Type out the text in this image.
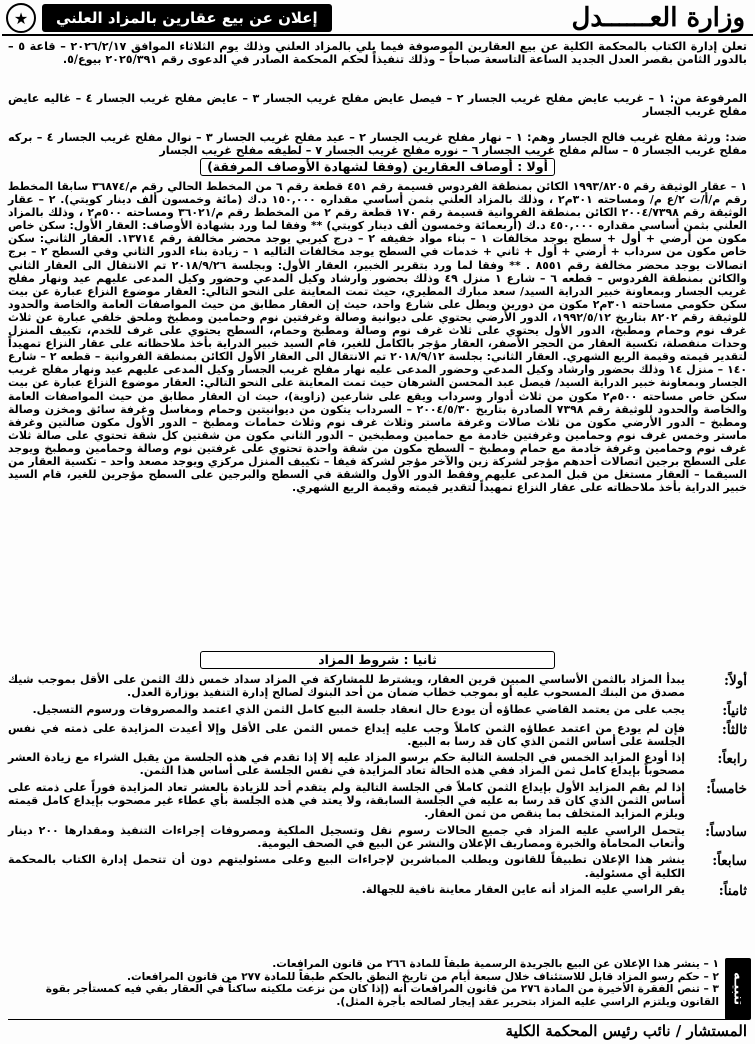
وزارة العــــــدل
إعلان عن بيع عقارين بالمزاد العلني
★
تعلن إدارة الكتاب بالمحكمة الكلية عن بيع العقارين الموصوفة فيما يلي بالمزاد العلني وذلك يوم الثلاثاء الموافق ٢٠٢٦/٢/١٧ – قاعة ٥ – بالدور الثامن بقصر العدل الجديد الساعة التاسعة صباحاً – وذلك تنفيذاً لحكم المحكمة الصادر في الدعوى رقم ٢٠٢٥/٣٩١ بيوع/٥.
المرفوعة من: ١ – غريب عايض مفلح غريب الجسار ٢ – فيصل عايض مفلح غريب الجسار ٣ – عايض مفلح غريب الجسار ٤ – غاليه عايض مفلح غريب الجسار
ضد: ورثة مفلح غريب فالح الجسار وهم: ١ – نهار مفلح غريب الجسار ٢ – عيد مفلح غريب الجسار ٣ – نوال مفلح غريب الجسار ٤ – بركه مفلح غريب الجسار ٥ – سالم مفلح غريب الجسار ٦ – نوره مفلح غريب الجسار ٧ – لطيفه مفلح غريب الجسار
أولا : أوصاف العقارين (وفقا لشهادة الأوصاف المرفقة)
١ – عقار الوثيقة رقم ١٩٩٣/٨٢٠٥ الكائن بمنطقة الفردوس قسيمة رقم ٤٥١ قطعة رقم ٦ من المخطط الحالي رقم م/٣٦٨٧٤ سابقا المخطط رقم م/أ/ت ٢/ع م/ ومساحته ٣٠١م٢ ، وذلك بالمزاد العلني بثمن أساسي مقداره ١٥٠,٠٠٠ د.ك (مائة وخمسون ألف دينار كويتي). ٢ – عقار الوثيقة رقم ٢٠٠٤/٧٣٩٨ الكائن بمنطقة الفروانية قسيمة رقم ١٧٠ قطعة رقم ٢ من المخطط رقم م/٣٦٠٢١ ومساحته ٥٠٠م٢ ، وذلك بالمزاد العلني بثمن أساسي مقداره ٤٥٠,٠٠٠ د.ك (أربعمائة وخمسون ألف دينار كويتي) ** وفقا لما ورد بشهادة الأوصاف: العقار الأول: سكن خاص مكون من أرضي + أول + سطح يوجد مخالفات ١ – بناء مواد خفيفه ٢ – درج كيربي يوجد محضر مخالفة رقم ١٣٧١٤. العقار الثاني: سكن خاص مكون من سرداب + أرضي + أول + ثاني + خدمات في السطح يوجد مخالفات التاليه ١ – زيادة بناء الدور الثاني وفي السطح ٢ – برج اتصالات يوجد محضر مخالفة رقم ٨٥٥١ . ** وفقا لما ورد بتقرير الخبير، العقار الأول: وبجلسة ٢٠١٨/٩/٢٦ تم الانتقال الى العقار الثاني والكائن بمنطقة الفردوس – قطعه ٦ – شارع ١ منزل ٤٩ وذلك بحضور وارشاد وكيل المدعي وحضور وكيل المدعى عليهم عيد ونهار مفلح غريب الجسار وبمعاونة خبير الدراية السيد/ سعد مبارك المطيري، حيث تمت المعاينة على النحو التالي: العقار موضوع النزاع عبارة عن بيت سكن حكومي مساحته ٣٠١م٢ مكون من دورين ويطل على شارع واحد، حيث إن العقار مطابق من حيث المواصفات العامة والخاصة والحدود للوثيقة رقم ٨٢٠٢ بتاريخ ١٩٩٢/٥/١٢، الدور الأرضي يحتوي على ديوانية وصالة وغرفتين نوم وحمامين ومطبخ وملحق خلفي عبارة عن ثلاث غرف نوم وحمام ومطبخ، الدور الأول يحتوي على ثلاث غرف نوم وصالة ومطبخ وحمام، السطح يحتوي على غرف للخدم، تكييف المنزل وحدات منفصلة، تكسية العقار من الحجر الأصفر، العقار مؤجر بالكامل للغير، قام السيد خبير الدراية بأخذ ملاحظاته على عقار النزاع تمهيداً لتقدير قيمته وقيمة الريع الشهري. العقار الثاني: بجلسة ٢٠١٨/٩/١٢ تم الانتقال الى العقار الأول الكائن بمنطقة الفروانية – قطعه ٢ – شارع ١٤٠ – منزل ١٤ وذلك بحضور وارشاد وكيل المدعي وحضور المدعى عليه نهار مفلح غريب الجسار وكيل المدعى عليهم عيد ونهار مفلح غريب الجسار وبمعاونة خبير الدراية السيد/ فيصل عبد المحسن الشرهان حيث تمت المعاينة على النحو التالي: العقار موضوع النزاع عبارة عن بيت سكن خاص مساحته ٥٠٠م٢ مكون من ثلاث أدوار وسرداب ويقع على شارعين (زاوية)، حيث ان العقار مطابق من حيث المواصفات العامة والخاصة والحدود للوثيقة رقم ٧٣٩٨ الصادرة بتاريخ ٢٠٠٤/٥/٣٠ – السرداب يتكون من ديوانيتين وحمام ومغاسل وغرفة سائق ومخزن وصالة ومطبخ – الدور الأرضي مكون من ثلاث صالات وغرفة ماستر وثلاث غرف نوم وثلاث حمامات ومطبخ – الدور الأول مكون صالتين وغرفة ماستر وخمس غرف نوم وحمامين وغرفتين خادمة مع حمامين ومطبخين – الدور الثاني مكون من شقتين كل شقة تحتوي على صالة ثلاث غرف نوم وحمامين وغرفة خادمة مع حمام ومطبخ – السطح مكون من شقة واحدة تحتوي على غرفتين نوم وصالة وحمامين ومطبخ ويوجد على السطح برجين اتصالات أحدهم مؤجر لشركة زين والآخر مؤجر لشركة فيفا – تكييف المنزل مركزي ويوجد مصعد واحد – تكسية العقار من السيقما – العقار مستغل من قبل المدعى عليهم وفقط الدور الأول والشقة في السطح والبرجين على السطح مؤجرين للغير، قام السيد خبير الدراية بأخذ ملاحظاته على عقار النزاع تمهيداً لتقدير قيمته وقيمة الريع الشهري.
ثانيا : شروط المزاد
أولاً:
يبدأ المزاد بالثمن الأساسي المبين قرين العقار، ويشترط للمشاركة في المزاد سداد خمس ذلك الثمن على الأقل بموجب شيك مصدق من البنك المسحوب عليه أو بموجب خطاب ضمان من أحد البنوك لصالح إدارة التنفيذ بوزارة العدل.
ثانياً:
يجب على من يعتمد القاضي عطاؤه أن يودع حال انعقاد جلسة البيع كامل الثمن الذي اعتمد والمصروفات ورسوم التسجيل.
ثالثاً:
فإن لم يودع من اعتمد عطاؤه الثمن كاملاً وجب عليه إيداع خمس الثمن على الأقل وإلا أعيدت المزايدة على ذمته في نفس الجلسة على أساس الثمن الذي كان قد رسا به البيع.
رابعاً:
إذا أودع المزايد الخمس في الجلسة التالية حكم برسو المزاد عليه إلا إذا تقدم في هذه الجلسة من يقبل الشراء مع زيادة العشر مصحوباً بإيداع كامل ثمن المزاد ففي هذه الحالة تعاد المزايدة في نفس الجلسة على أساس هذا الثمن.
خامساً:
إذا لم يقم المزايد الأول بإيداع الثمن كاملاً في الجلسة التالية ولم يتقدم أحد للزيادة بالعشر تعاد المزايدة فوراً على ذمته على أساس الثمن الذي كان قد رسا به عليه في الجلسة السابقة، ولا يعتد في هذه الجلسة بأي عطاء غير مصحوب بإيداع كامل قيمته ويلزم المزايد المتخلف بما ينقص من ثمن العقار.
سادساً:
يتحمل الراسي عليه المزاد في جميع الحالات رسوم نقل وتسجيل الملكية ومصروفات إجراءات التنفيذ ومقدارها ٢٠٠ دينار وأتعاب المحاماة والخبرة ومصاريف الإعلان والنشر عن البيع في الصحف اليومية.
سابعاً:
ينشر هذا الإعلان تطبيقاً للقانون ويطلب المباشرين لإجراءات البيع وعلى مسئوليتهم دون أن تتحمل إدارة الكتاب بالمحكمة الكلية أي مسئولية.
ثامناً:
يقر الراسي عليه المزاد أنه عاين العقار معاينة نافية للجهالة.
تنبيـه
١ – ينشر هذا الإعلان عن البيع بالجريدة الرسمية طبقاً للمادة ٢٦٦ من قانون المرافعات.
٢ – حكم رسو المزاد قابل للاستئناف خلال سبعة أيام من تاريخ النطق بالحكم طبقاً للمادة ٢٧٧ من قانون المرافعات.
٣ – تنص الفقرة الأخيرة من المادة ٢٧٦ من قانون المرافعات أنه (إذا كان من نزعت ملكيته ساكناً في العقار بقي فيه كمستأجر بقوة القانون ويلتزم الراسي عليه المزاد بتحرير عقد إيجار لصالحه بأجرة المثل).
المستشار / نائب رئيس المحكمة الكلية
